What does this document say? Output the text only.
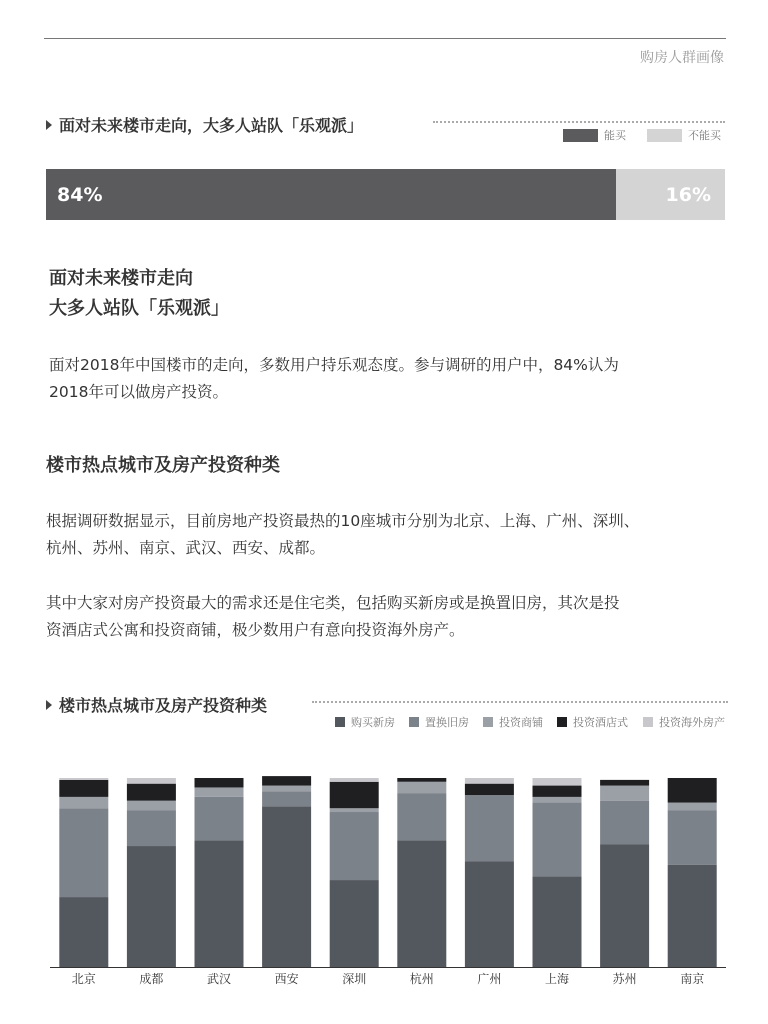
购房人群画像
面对未来楼市走向，大多人站队「乐观派」
能买	不能买
84%	16%
面对未来楼市走向
大多人站队「乐观派」
面对2018年中国楼市的走向，多数用户持乐观态度。参与调研的用户中，84%认为
2018年可以做房产投资。
楼市热点城市及房产投资种类
根据调研数据显示，目前房地产投资最热的10座城市分别为北京、上海、广州、深圳、
杭州、苏州、南京、武汉、西安、成都。
其中大家对房产投资最大的需求还是住宅类，包括购买新房或是换置旧房，其次是投
资酒店式公寓和投资商铺，极少数用户有意向投资海外房产。
楼市热点城市及房产投资种类
购买新房	置换旧房	投资商铺	投资酒店式	投资海外房产
北京	成都	武汉	西安	深圳	杭州	广州	上海	苏州	南京
